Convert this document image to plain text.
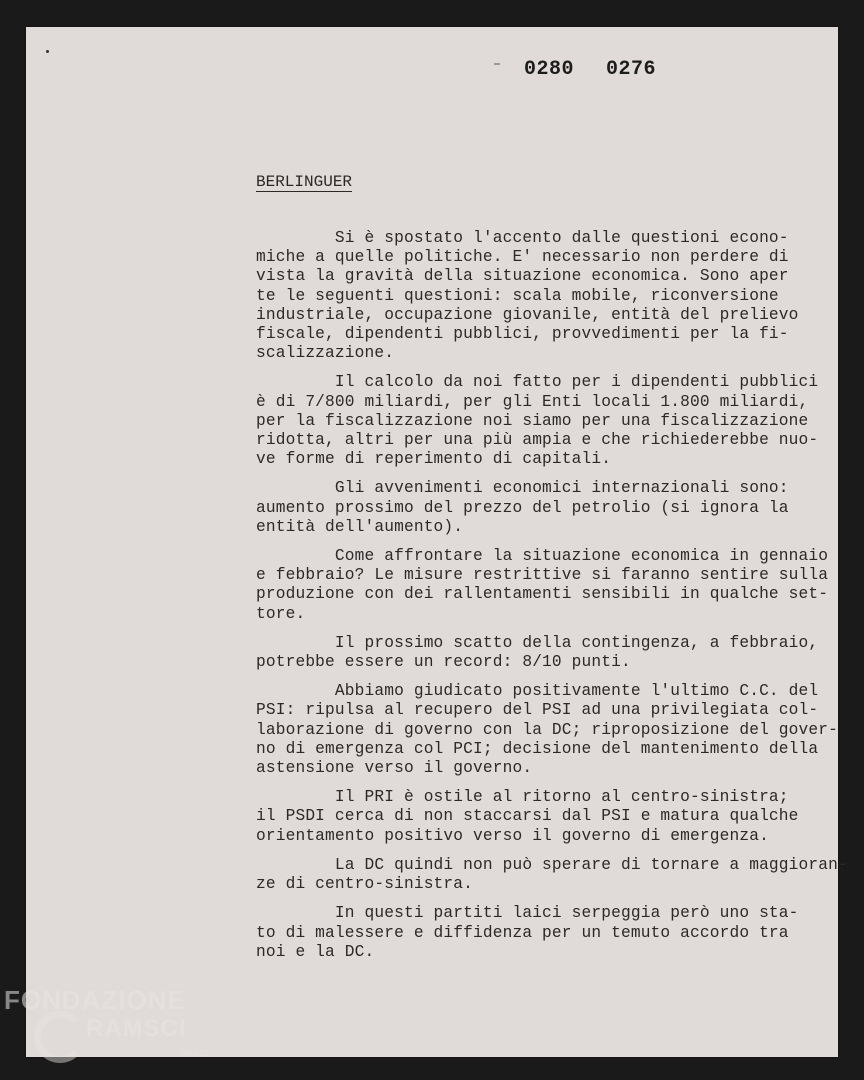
0280 0276
BERLINGUER
Si è spostato l'accento dalle questioni econo-
miche a quelle politiche. E' necessario non perdere di
vista la gravità della situazione economica. Sono aper
te le seguenti questioni: scala mobile, riconversione
industriale, occupazione giovanile, entità del prelievo
fiscale, dipendenti pubblici, provvedimenti per la fi-
scalizzazione.
Il calcolo da noi fatto per i dipendenti pubblici
è di 7/800 miliardi, per gli Enti locali 1.800 miliardi,
per la fiscalizzazione noi siamo per una fiscalizzazione
ridotta, altri per una più ampia e che richiederebbe nuo-
ve forme di reperimento di capitali.
Gli avvenimenti economici internazionali sono:
aumento prossimo del prezzo del petrolio (si ignora la
entità dell'aumento).
Come affrontare la situazione economica in gennaio
e febbraio? Le misure restrittive si faranno sentire sulla
produzione con dei rallentamenti sensibili in qualche set-
tore.
Il prossimo scatto della contingenza, a febbraio,
potrebbe essere un record: 8/10 punti.
Abbiamo giudicato positivamente l'ultimo C.C. del
PSI: ripulsa al recupero del PSI ad una privilegiata col-
laborazione di governo con la DC; riproposizione del gover-
no di emergenza col PCI; decisione del mantenimento della
astensione verso il governo.
Il PRI è ostile al ritorno al centro-sinistra;
il PSDI cerca di non staccarsi dal PSI e matura qualche
orientamento positivo verso il governo di emergenza.
La DC quindi non può sperare di tornare a maggioran-
ze di centro-sinistra.
In questi partiti laici serpeggia però uno sta-
to di malessere e diffidenza per un temuto accordo tra
noi e la DC.
FONDAZIONE
RAMSCI
onlus
